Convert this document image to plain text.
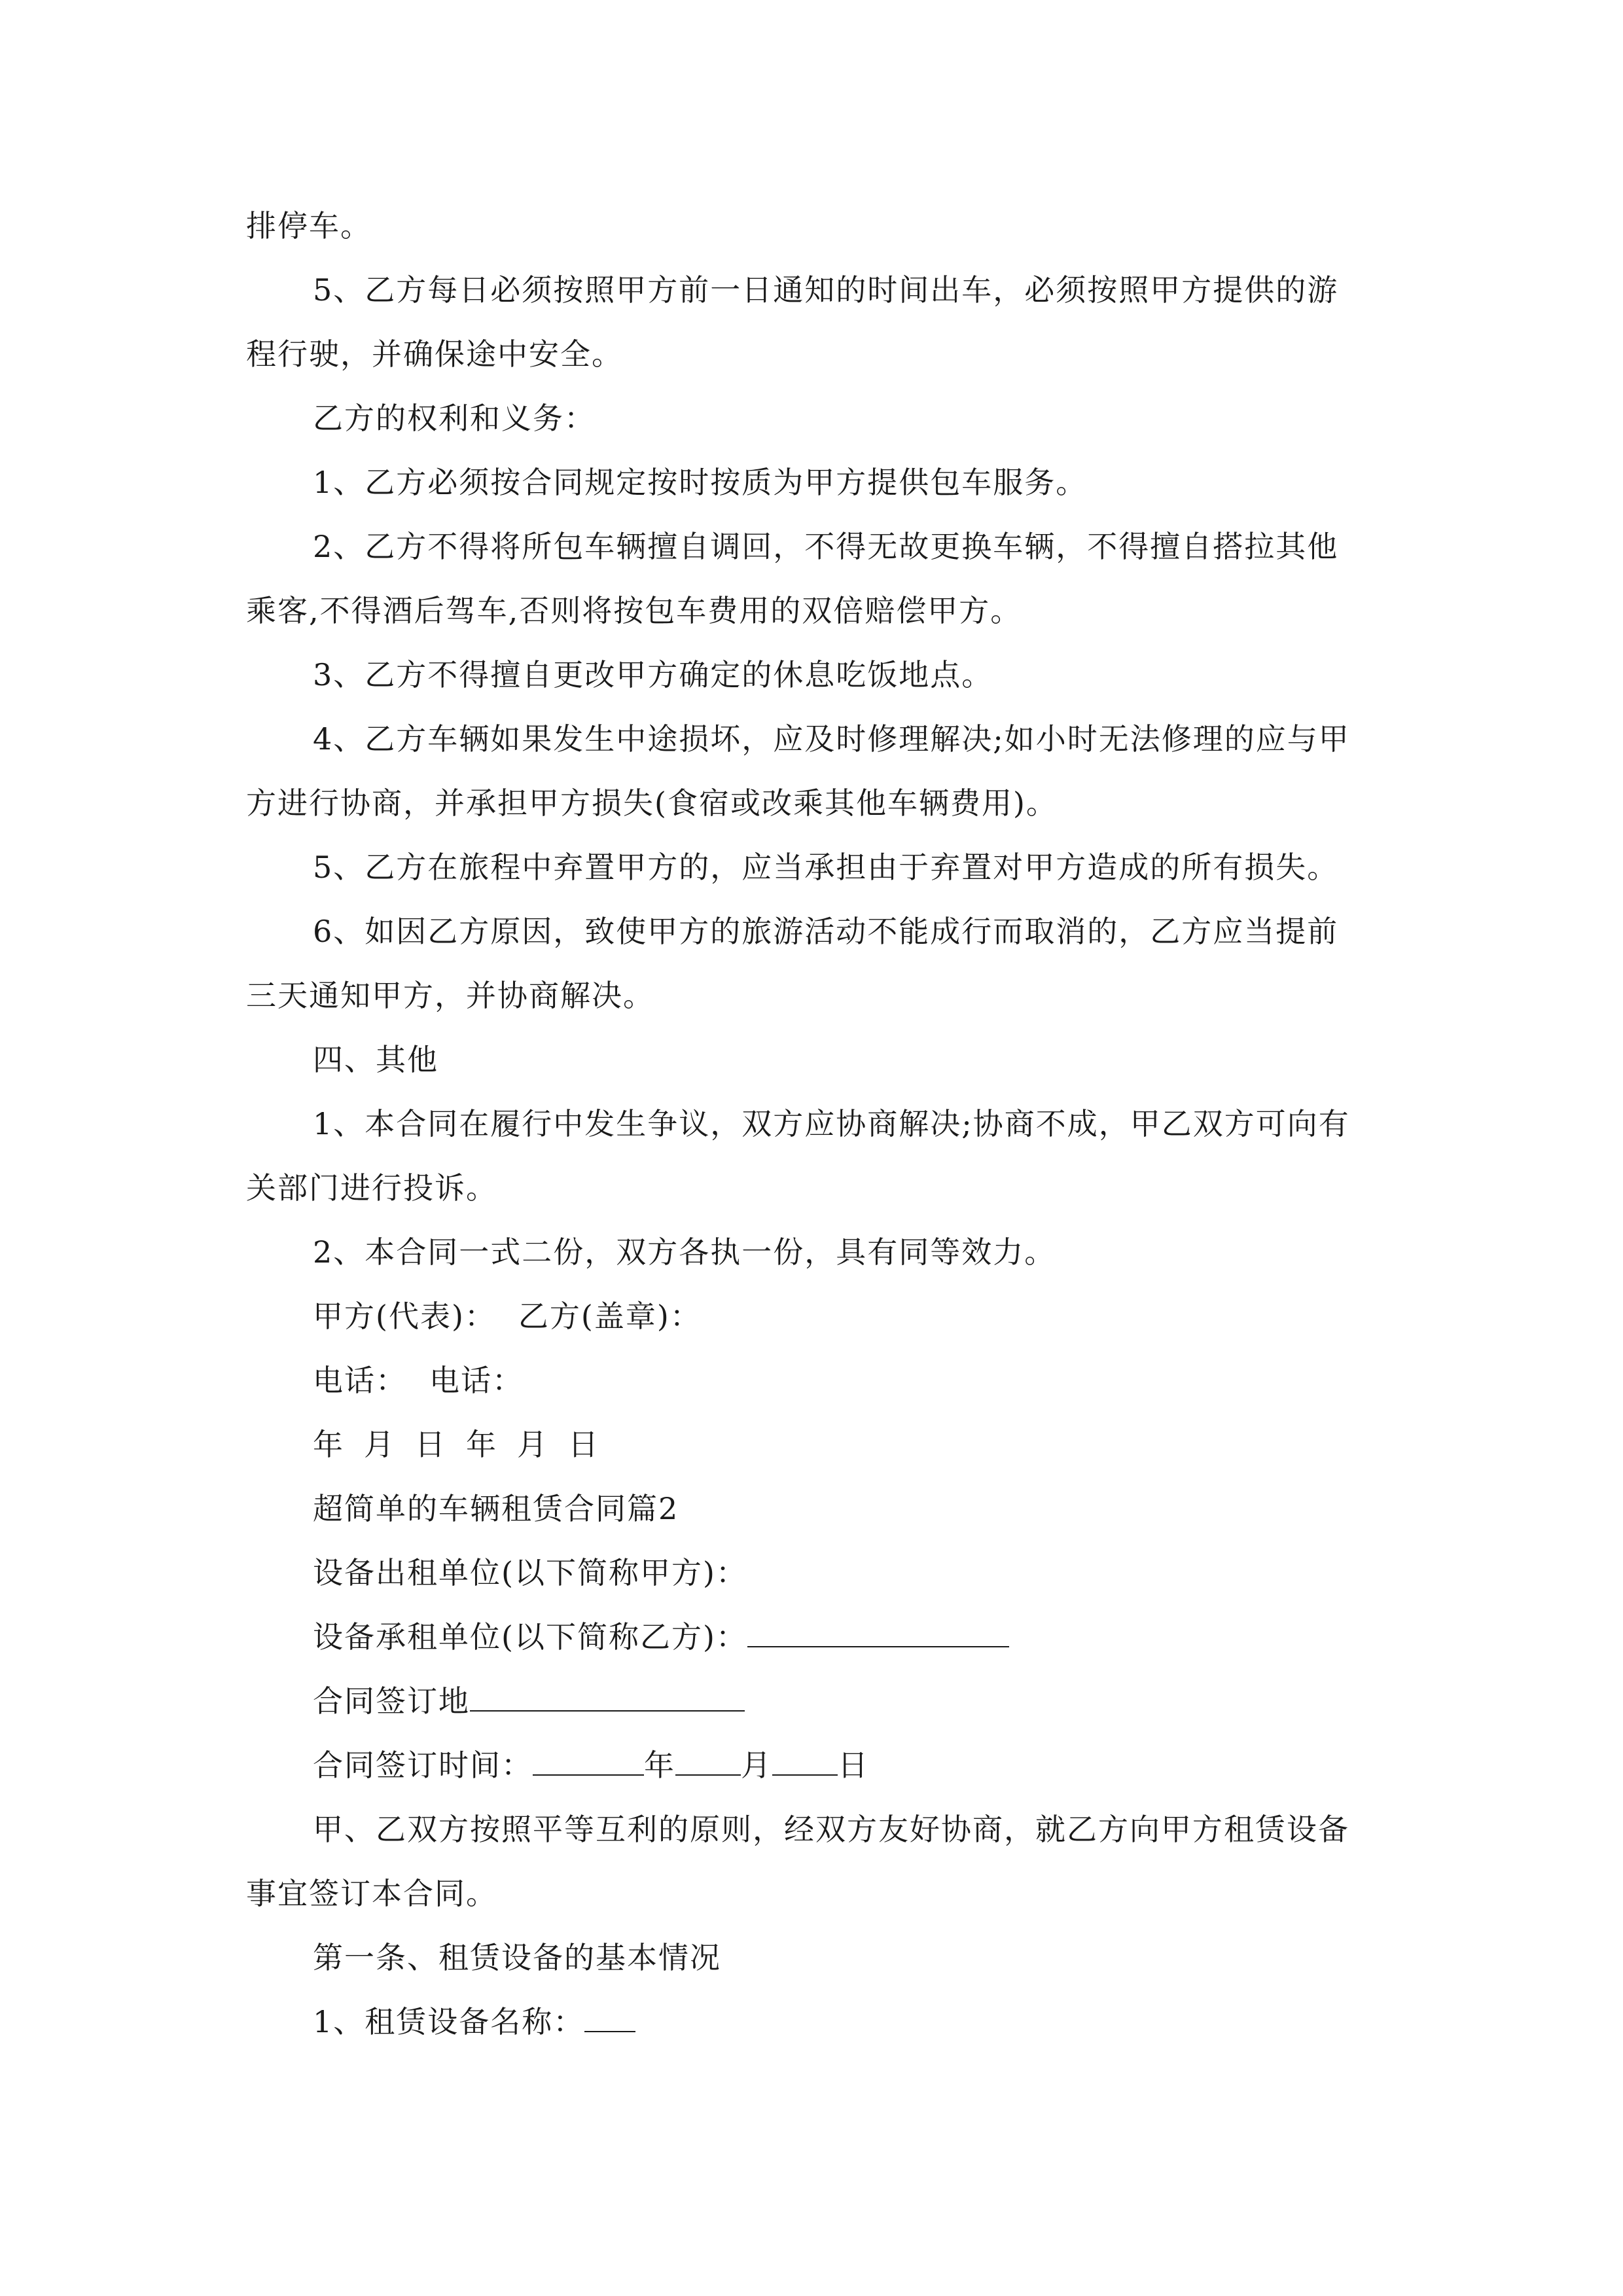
排停车。
5、乙方每日必须按照甲方前一日通知的时间出车，必须按照甲方提供的游
程行驶，并确保途中安全。
乙方的权利和义务：
1、乙方必须按合同规定按时按质为甲方提供包车服务。
2、乙方不得将所包车辆擅自调回，不得无故更换车辆，不得擅自搭拉其他
乘客,不得酒后驾车,否则将按包车费用的双倍赔偿甲方。
3、乙方不得擅自更改甲方确定的休息吃饭地点。
4、乙方车辆如果发生中途损坏，应及时修理解决;如小时无法修理的应与甲
方进行协商，并承担甲方损失(食宿或改乘其他车辆费用)。
5、乙方在旅程中弃置甲方的，应当承担由于弃置对甲方造成的所有损失。
6、如因乙方原因，致使甲方的旅游活动不能成行而取消的，乙方应当提前
三天通知甲方，并协商解决。
四、其他
1、本合同在履行中发生争议，双方应协商解决;协商不成，甲乙双方可向有
关部门进行投诉。
2、本合同一式二份，双方各执一份，具有同等效力。
甲方(代表)： 乙方(盖章)：
电话： 电话：
年 月 日 年 月 日
超简单的车辆租赁合同篇2
设备出租单位(以下简称甲方)：
设备承租单位(以下简称乙方)：
合同签订地
合同签订时间：	年 月 日
甲、乙双方按照平等互利的原则，经双方友好协商，就乙方向甲方租赁设备
事宜签订本合同。
第一条、租赁设备的基本情况
1、租赁设备名称：
